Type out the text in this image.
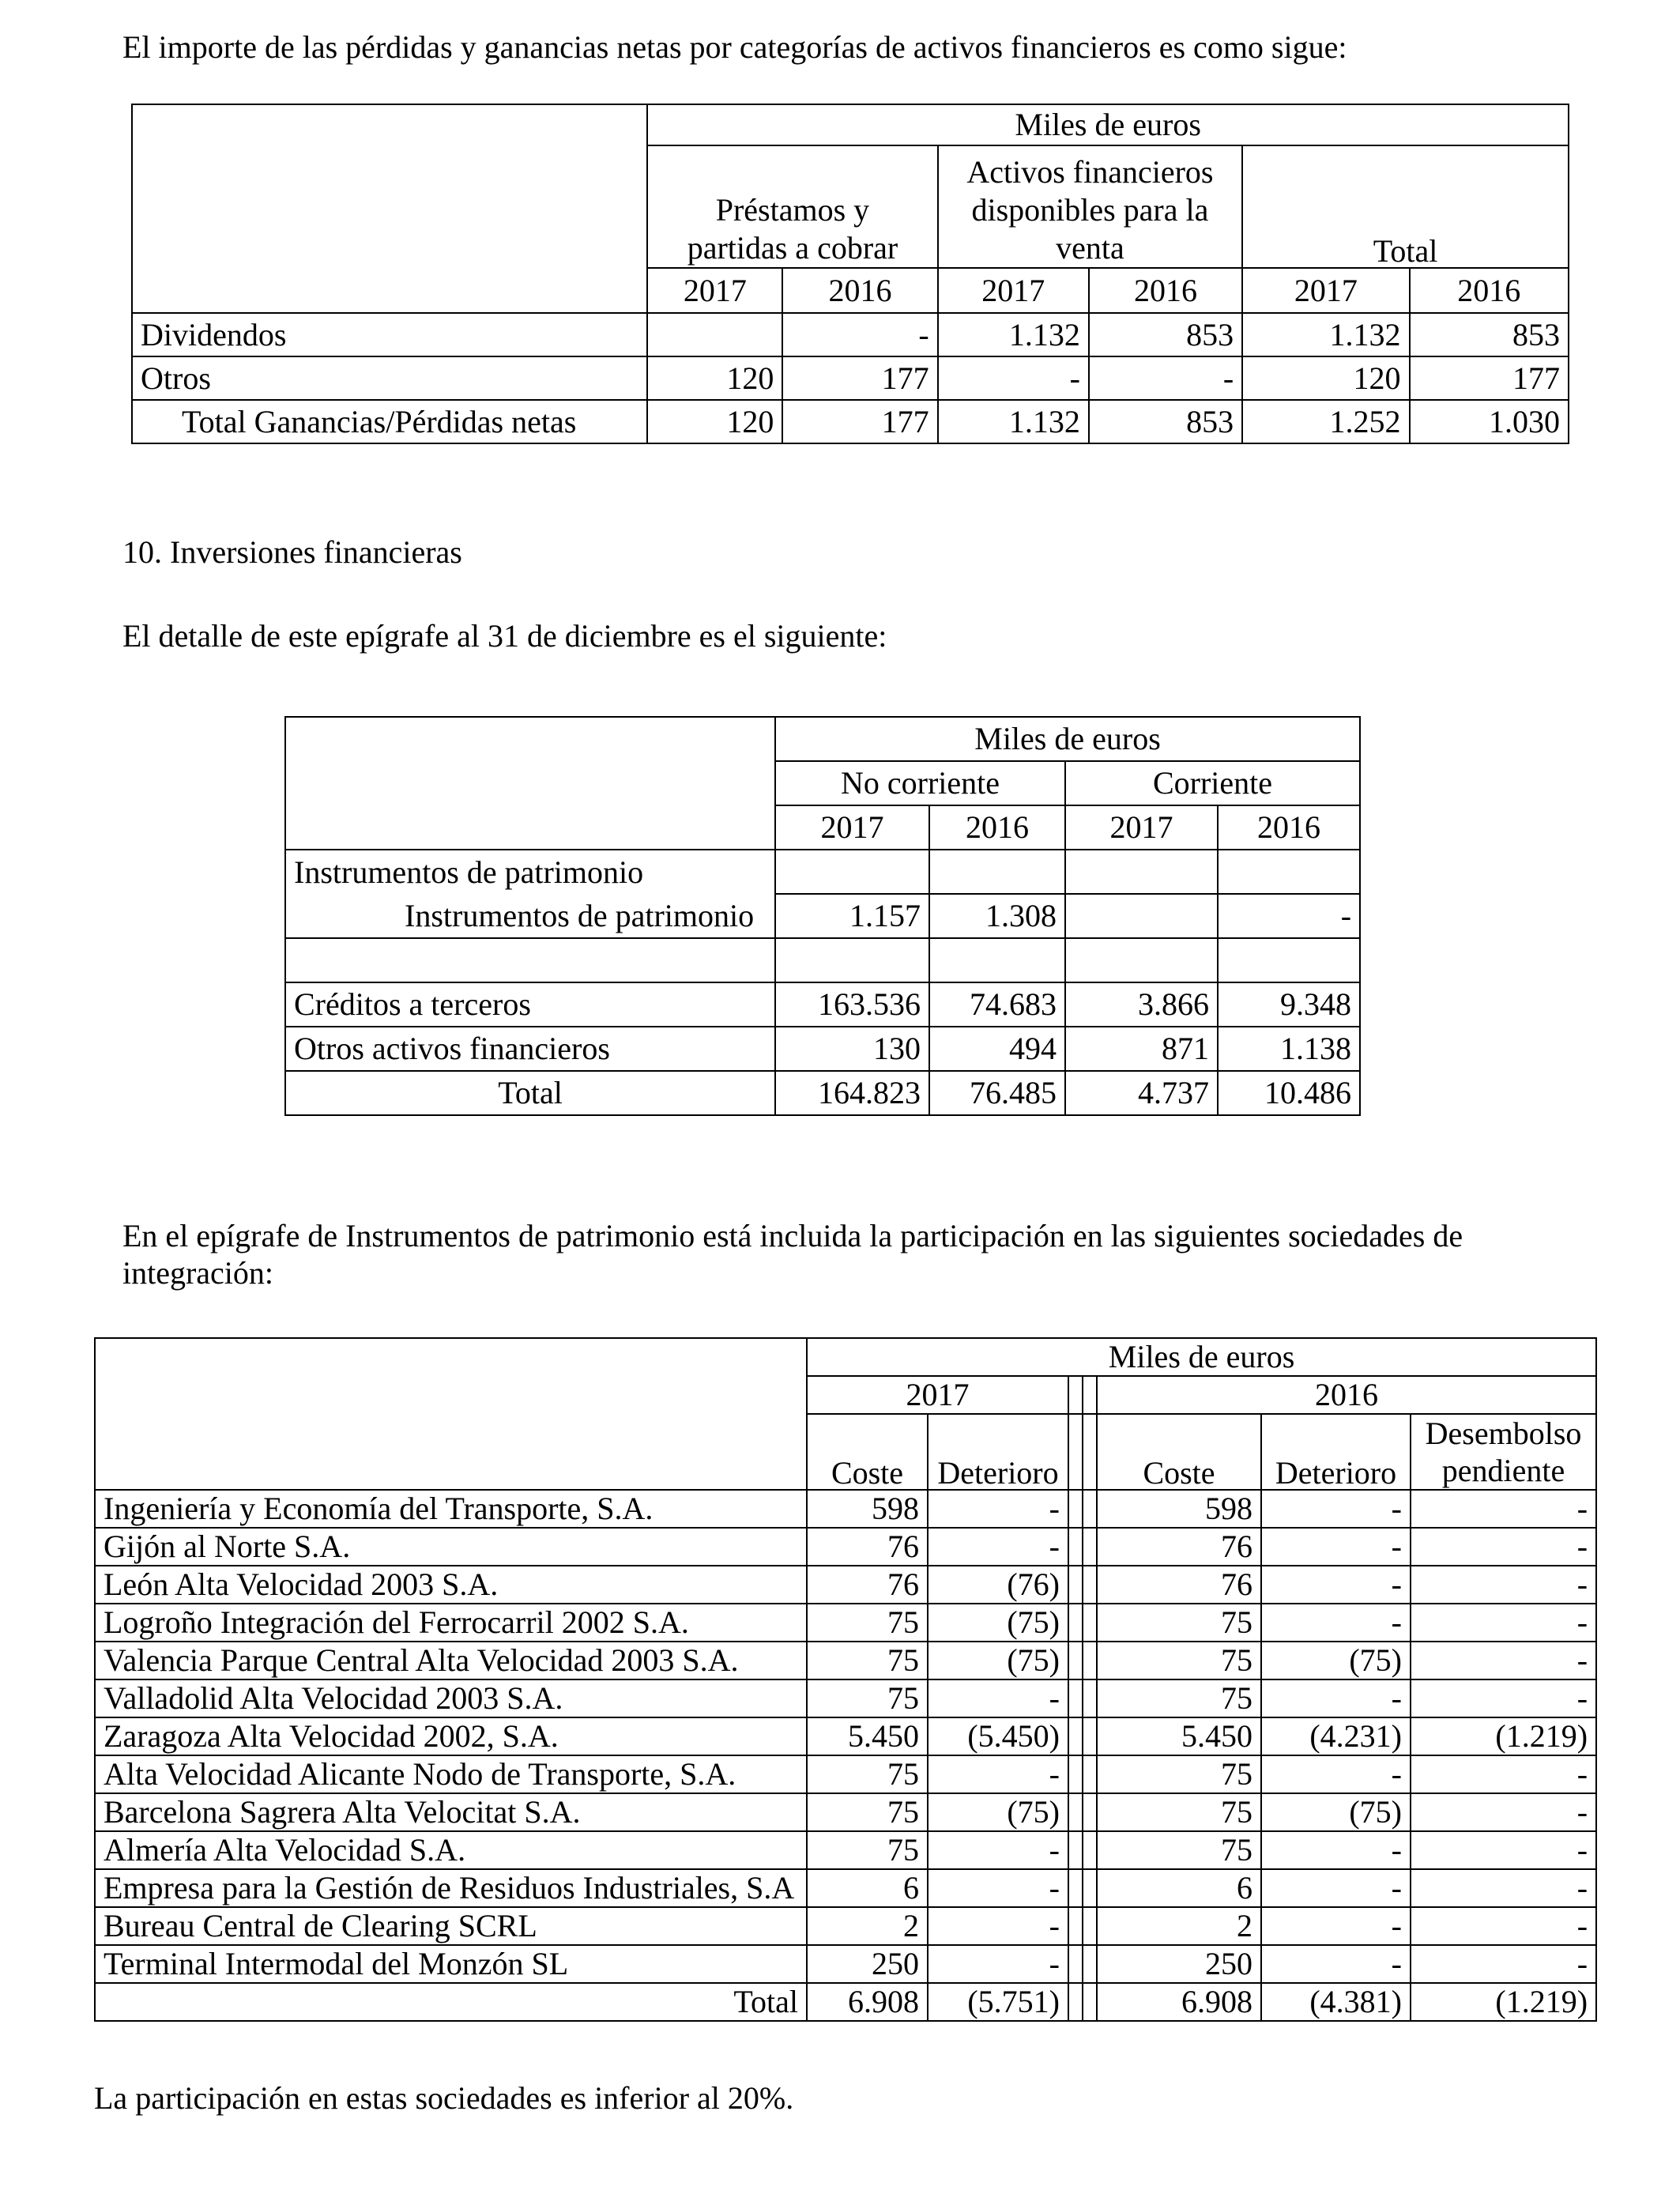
El importe de las pérdidas y ganancias netas por categorías de activos financieros es como sigue:
	Miles de euros					
	Préstamos y partidas a cobrar		Activos financieros disponibles para la venta		Total	
	2017	2016	2017	2016	2017	2016
Dividendos		-	1.132	853	1.132	853
Otros	120	177	-	-	120	177
Total Ganancias/Pérdidas netas	120	177	1.132	853	1.252	1.030
10. Inversiones financieras
El detalle de este epígrafe al 31 de diciembre es el siguiente:
	Miles de euros			
	No corriente		Corriente	
	2017	2016	2017	2016
Instrumentos de patrimonio				
Instrumentos de patrimonio	1.157	1.308		-

Créditos a terceros	163.536	74.683	3.866	9.348
Otros activos financieros	130	494	871	1.138
Total	164.823	76.485	4.737	10.486
En el epígrafe de Instrumentos de patrimonio está incluida la participación en las siguientes sociedades de integración:
	Miles de euros						
	2017				2016		
	Coste	Deterioro			Coste	Deterioro	Desembolso pendiente
Ingeniería y Economía del Transporte, S.A.	598	-			598	-	-
Gijón al Norte S.A.	76	-			76	-	-
León Alta Velocidad 2003 S.A.	76	(76)			76	-	-
Logroño Integración del Ferrocarril 2002 S.A.	75	(75)			75	-	-
Valencia Parque Central Alta Velocidad 2003 S.A.	75	(75)			75	(75)	-
Valladolid Alta Velocidad 2003 S.A.	75	-			75	-	-
Zaragoza Alta Velocidad 2002, S.A.	5.450	(5.450)			5.450	(4.231)	(1.219)
Alta Velocidad Alicante Nodo de Transporte, S.A.	75	-			75	-	-
Barcelona Sagrera Alta Velocitat S.A.	75	(75)			75	(75)	-
Almería Alta Velocidad S.A.	75	-			75	-	-
Empresa para la Gestión de Residuos Industriales, S.A	6	-			6	-	-
Bureau Central de Clearing SCRL	2	-			2	-	-
Terminal Intermodal del Monzón SL	250	-			250	-	-
Total	6.908	(5.751)			6.908	(4.381)	(1.219)
La participación en estas sociedades es inferior al 20%.
